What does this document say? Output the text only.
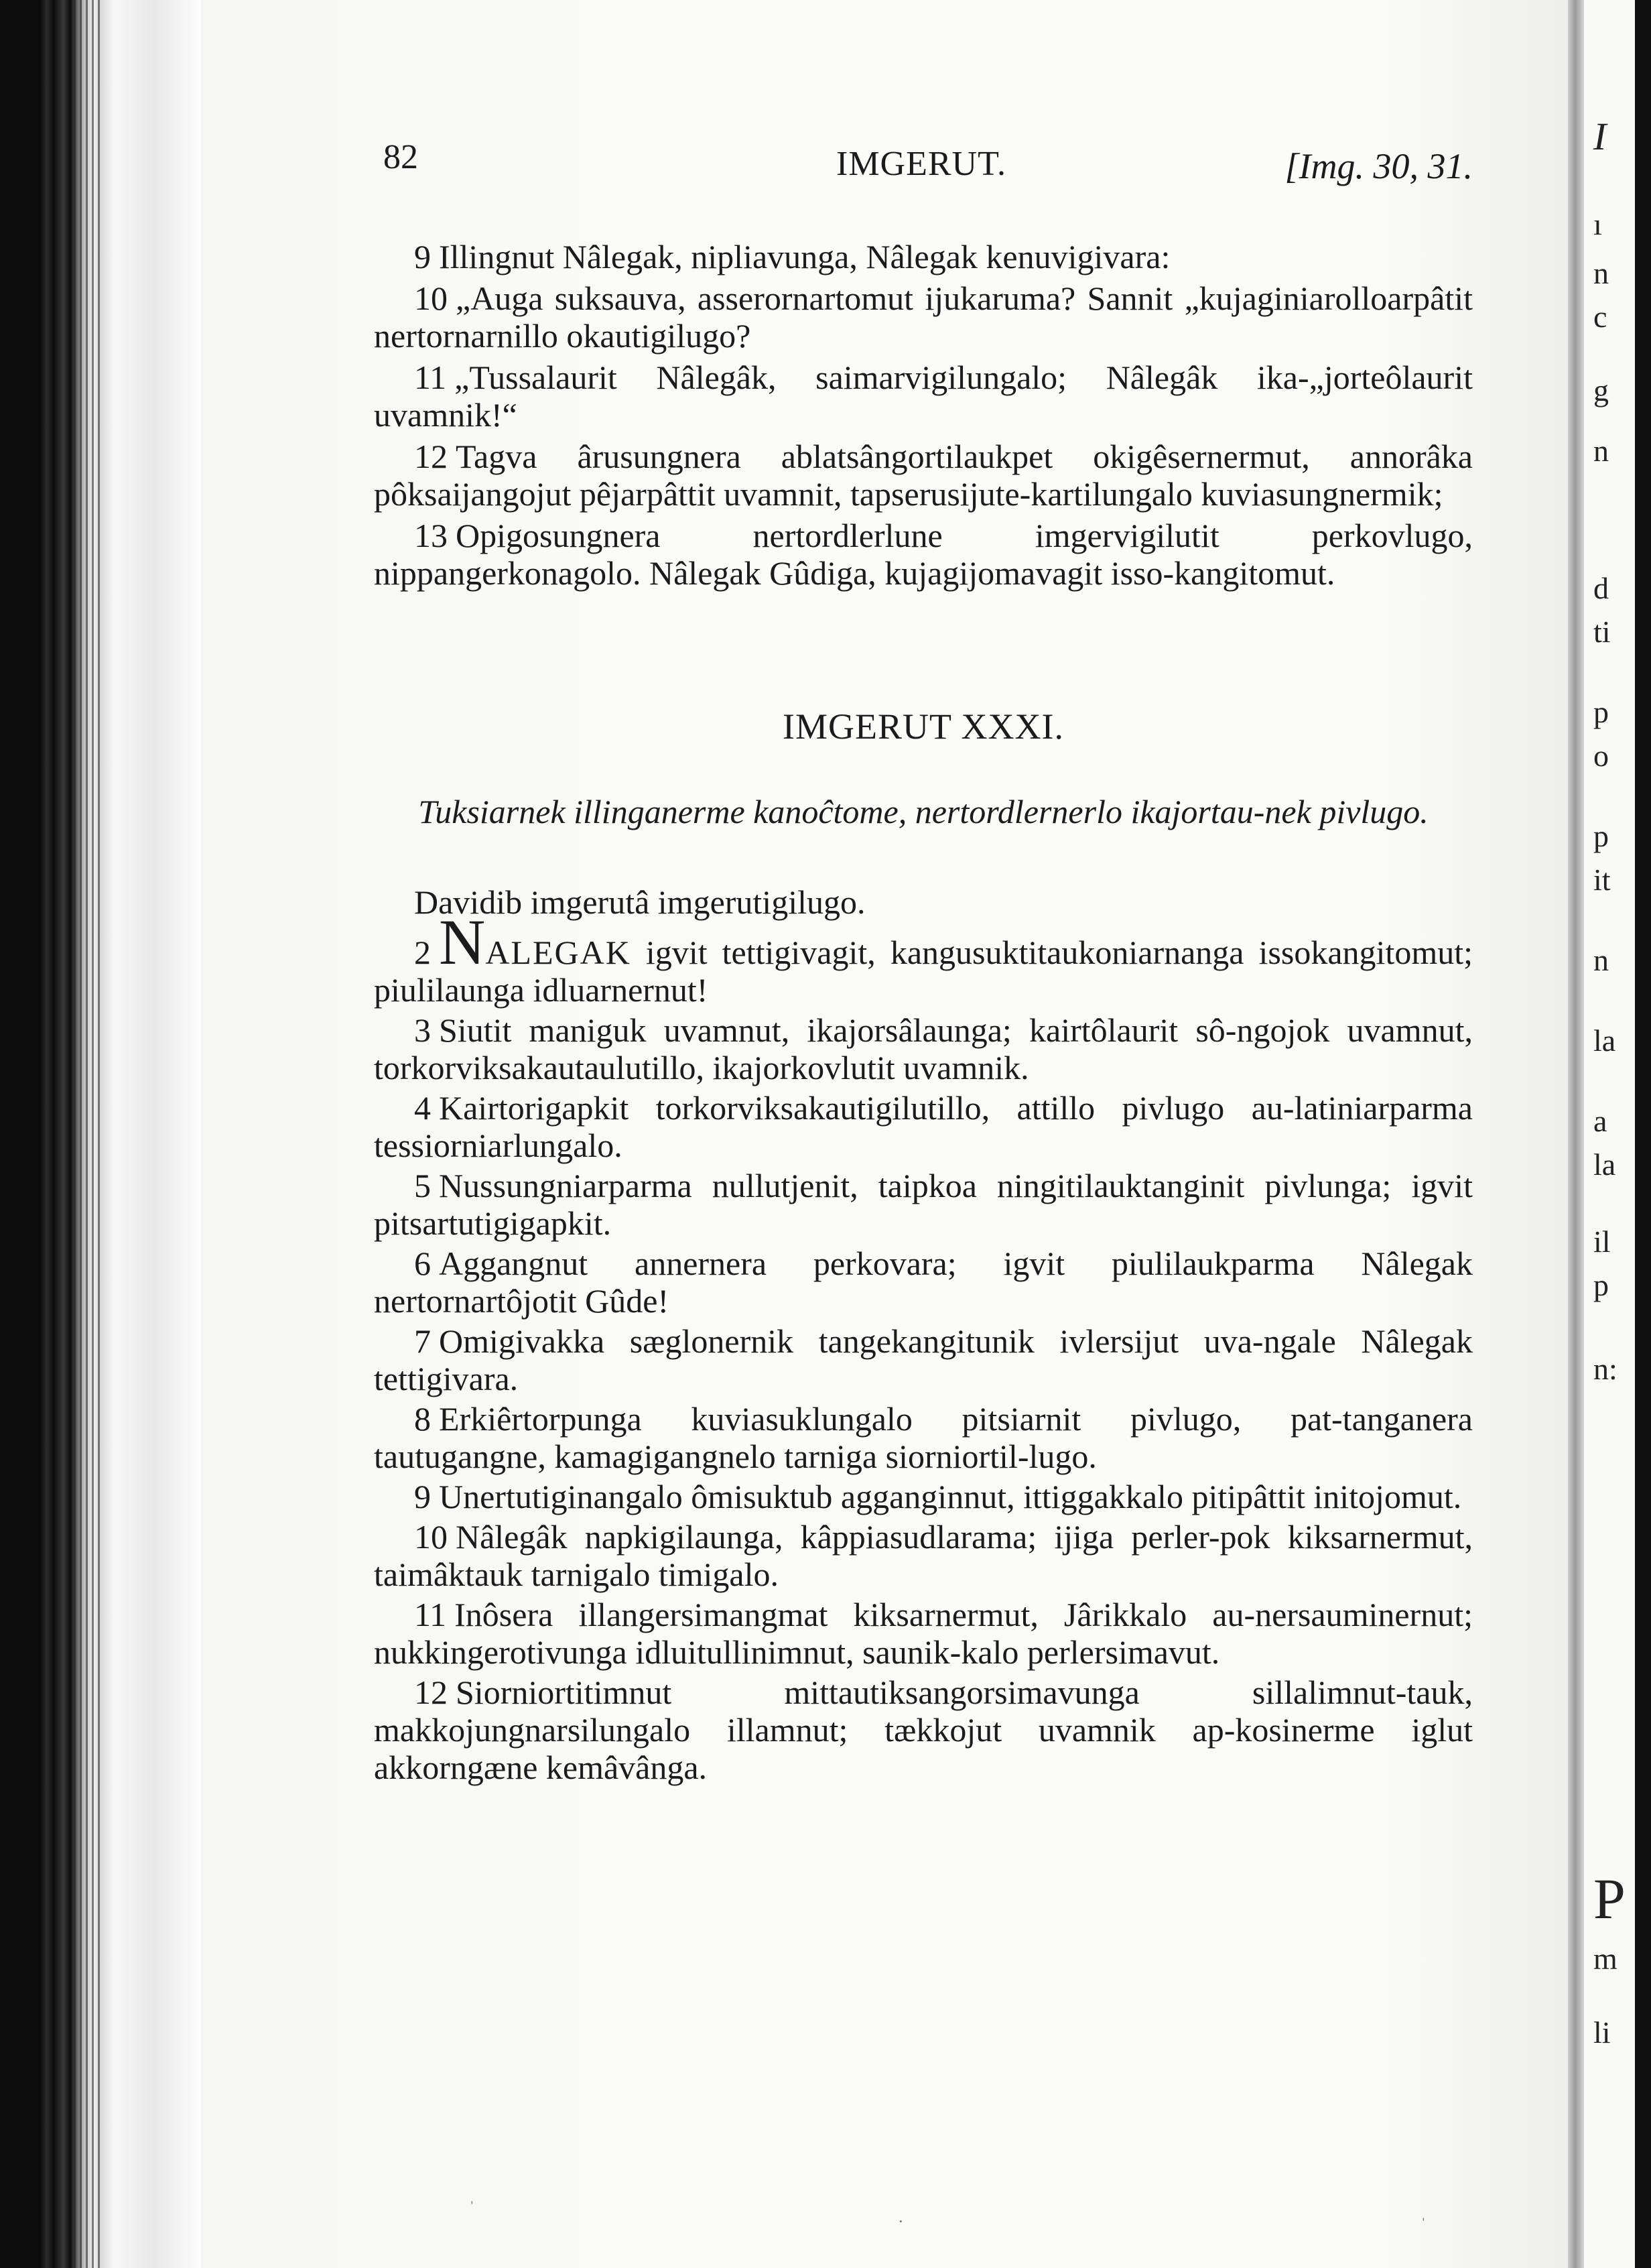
I
ı
n
c
g
n
d
ti
p
o
p
it
n
la
a
la
il
p
n:
P
m
li
82	IMGERUT.	[Img. 30, 31.

9 Illingnut Nâlegak, nipliavunga, Nâlegak kenuvigivara:

10 „Auga suksauva, asserornartomut ijukaruma? Sannit „kujaginiarolloarpâtit nertornarnillo okautigilugo?

11 „Tussalaurit Nâlegâk, saimarvigilungalo; Nâlegâk ika-„jorteôlaurit uvamnik!“

12 Tagva ârusungnera ablatsângortilaukpet okigêsernermut, annorâka pôksaijangojut pêjarpâttit uvamnit, tapserusijute-kartilungalo kuviasungnermik;

13 Opigosungnera nertordlerlune imgervigilutit perkovlugo, nippangerkonagolo. Nâlegak Gûdiga, kujagijomavagit isso-kangitomut.

IMGERUT XXXI.

Tuksiarnek illinganerme kanoĉtome, nertordlernerlo ikajortau-nek pivlugo.

Davidib imgerutâ imgerutigilugo.

2 NALEGAK igvit tettigivagit, kangusuktitaukoniarnanga issokangitomut; piulilaunga idluarnernut!

3 Siutit maniguk uvamnut, ikajorsâlaunga; kairtôlaurit sô-ngojok uvamnut, torkorviksakautaulutillo, ikajorkovlutit uvamnik.

4 Kairtorigapkit torkorviksakautigilutillo, attillo pivlugo au-latiniarparma tessiorniarlungalo.

5 Nussungniarparma nullutjenit, taipkoa ningitilauktanginit pivlunga; igvit pitsartutigigapkit.

6 Aggangnut annernera perkovara; igvit piulilaukparma Nâlegak nertornartôjotit Gûde!

7 Omigivakka sæglonernik tangekangitunik ivlersijut uva-ngale Nâlegak tettigivara.

8 Erkiêrtorpunga kuviasuklungalo pitsiarnit pivlugo, pat-tanganera tautugangne, kamagigangnelo tarniga siorniortil-lugo.

9 Unertutiginangalo ômisuktub agganginnut, ittiggakkalo pitipâttit initojomut.

10 Nâlegâk napkigilaunga, kâppiasudlarama; ijiga perler-pok kiksarnermut, taimâktauk tarnigalo timigalo.

11 Inôsera illangersimangmat kiksarnermut, Jârikkalo au-nersauminernut; nukkingerotivunga idluitullinimnut, saunik-kalo perlersimavut.

12 Siorniortitimnut mittautiksangorsimavunga sillalimnut-tauk, makkojungnarsilungalo illamnut; tækkojut uvamnik ap-kosinerme iglut akkorngæne kemâvânga.

ˈ
·
ˌ
